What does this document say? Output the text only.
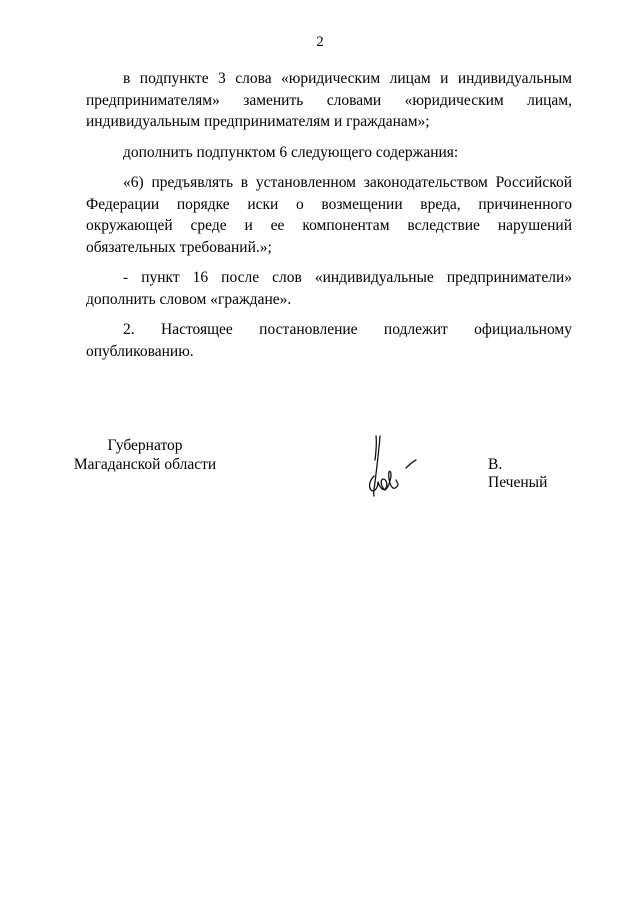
2

в подпункте 3 слова «юридическим лицам и индивидуальным предпринимателям» заменить словами «юридическим лицам, индивидуальным предпринимателям и гражданам»;

дополнить подпунктом 6 следующего содержания:

«6) предъявлять в установленном законодательством Российской Федерации порядке иски о возмещении вреда, причиненного окружающей среде и ее компонентам вследствие нарушений обязательных требований.»;

- пункт 16 после слов «индивидуальные предприниматели» дополнить словом «граждане».

2. Настоящее постановление подлежит официальному опубликованию.

Губернатор
Магаданской области	В. Печеный
